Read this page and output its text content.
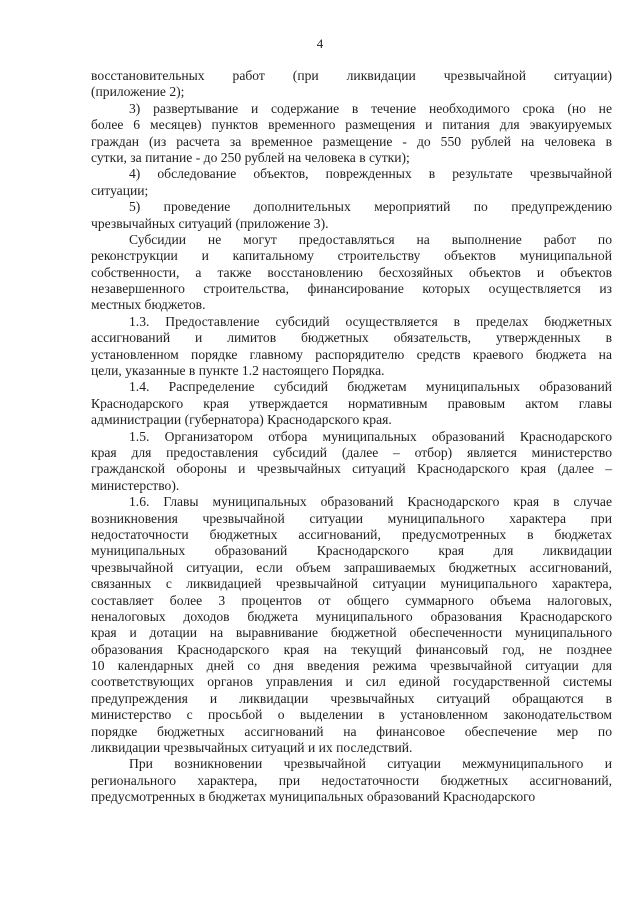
4
восстановительных работ (при ликвидации чрезвычайной ситуации)
(приложение 2);
3) развертывание и содержание в течение необходимого срока (но не
более 6 месяцев) пунктов временного размещения и питания для эвакуируемых
граждан (из расчета за временное размещение - до 550 рублей на человека в
сутки, за питание - до 250 рублей на человека в сутки);
4) обследование объектов, поврежденных в результате чрезвычайной
ситуации;
5) проведение дополнительных мероприятий по предупреждению
чрезвычайных ситуаций (приложение 3).
Субсидии не могут предоставляться на выполнение работ по
реконструкции и капитальному строительству объектов муниципальной
собственности, а также восстановлению бесхозяйных объектов и объектов
незавершенного строительства, финансирование которых осуществляется из
местных бюджетов.
1.3. Предоставление субсидий осуществляется в пределах бюджетных
ассигнований и лимитов бюджетных обязательств, утвержденных в
установленном порядке главному распорядителю средств краевого бюджета на
цели, указанные в пункте 1.2 настоящего Порядка.
1.4. Распределение субсидий бюджетам муниципальных образований
Краснодарского края утверждается нормативным правовым актом главы
администрации (губернатора) Краснодарского края.
1.5. Организатором отбора муниципальных образований Краснодарского
края для предоставления субсидий (далее – отбор) является министерство
гражданской обороны и чрезвычайных ситуаций Краснодарского края (далее –
министерство).
1.6. Главы муниципальных образований Краснодарского края в случае
возникновения чрезвычайной ситуации муниципального характера при
недостаточности бюджетных ассигнований, предусмотренных в бюджетах
муниципальных образований Краснодарского края для ликвидации
чрезвычайной ситуации, если объем запрашиваемых бюджетных ассигнований,
связанных с ликвидацией чрезвычайной ситуации муниципального характера,
составляет более 3 процентов от общего суммарного объема налоговых,
неналоговых доходов бюджета муниципального образования Краснодарского
края и дотации на выравнивание бюджетной обеспеченности муниципального
образования Краснодарского края на текущий финансовый год, не позднее
10 календарных дней со дня введения режима чрезвычайной ситуации для
соответствующих органов управления и сил единой государственной системы
предупреждения и ликвидации чрезвычайных ситуаций обращаются в
министерство с просьбой о выделении в установленном законодательством
порядке бюджетных ассигнований на финансовое обеспечение мер по
ликвидации чрезвычайных ситуаций и их последствий.
При возникновении чрезвычайной ситуации межмуниципального и
регионального характера, при недостаточности бюджетных ассигнований,
предусмотренных в бюджетах муниципальных образований Краснодарского
